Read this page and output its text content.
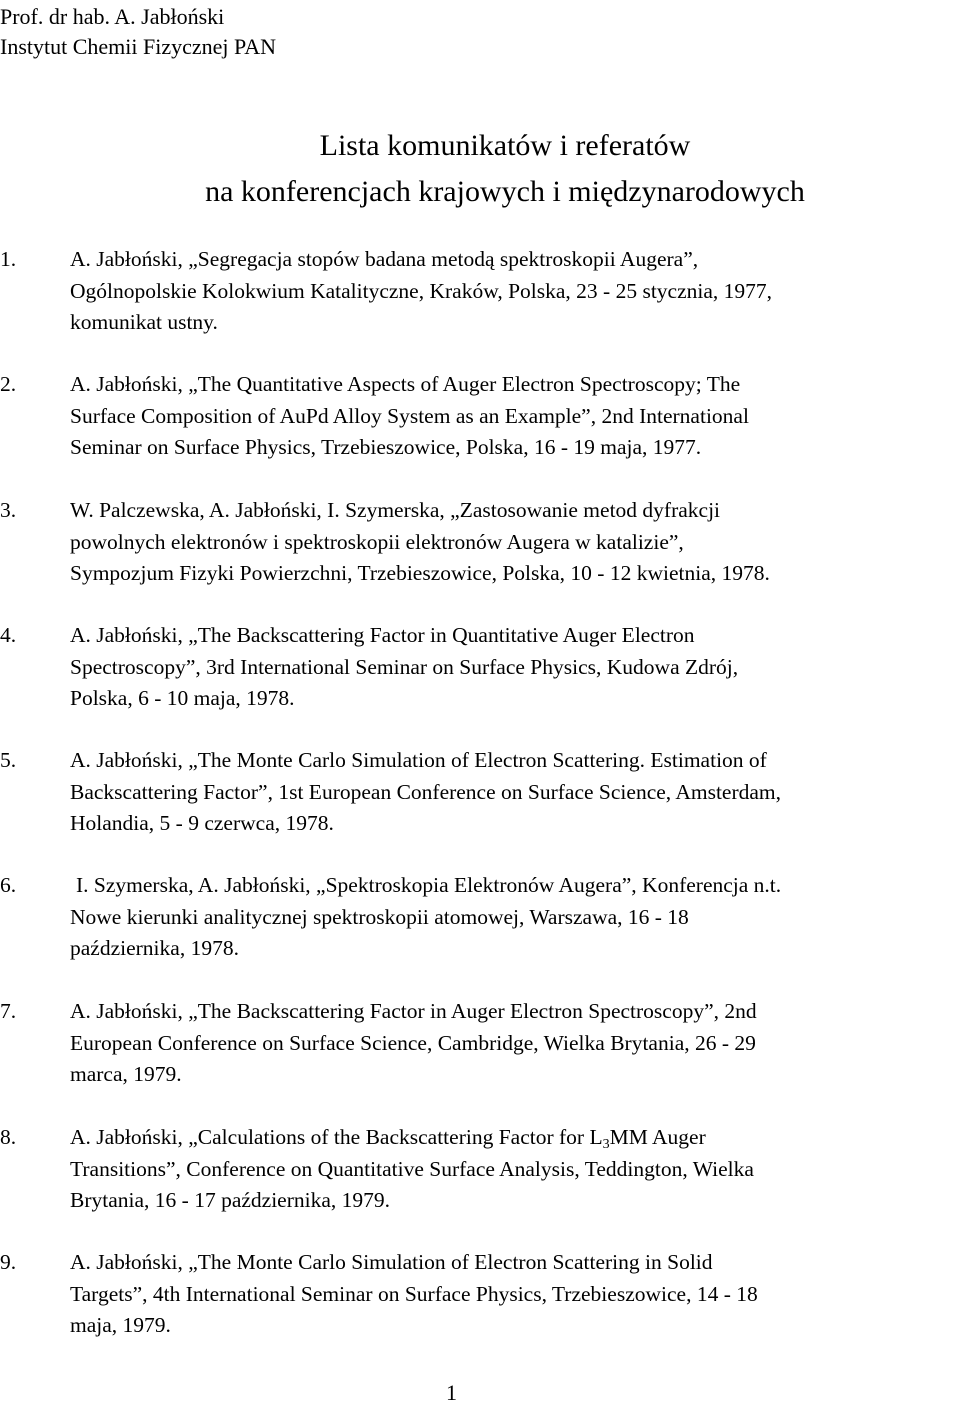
Prof. dr hab. A. Jabłoński
Instytut Chemii Fizycznej PAN
Lista komunikatów i referatów
na konferencjach krajowych i międzynarodowych
1.	A. Jabłoński, „Segregacja stopów badana metodą spektroskopii Augera”,
Ogólnopolskie Kolokwium Katalityczne, Kraków, Polska, 23 - 25 stycznia, 1977,
komunikat ustny.
2.	A. Jabłoński, „The Quantitative Aspects of Auger Electron Spectroscopy; The
Surface Composition of AuPd Alloy System as an Example”, 2nd International
Seminar on Surface Physics, Trzebieszowice, Polska, 16 - 19 maja, 1977.
3.	W. Palczewska, A. Jabłoński, I. Szymerska, „Zastosowanie metod dyfrakcji
powolnych elektronów i spektroskopii elektronów Augera w katalizie”,
Sympozjum Fizyki Powierzchni, Trzebieszowice, Polska, 10 - 12 kwietnia, 1978.
4.	A. Jabłoński, „The Backscattering Factor in Quantitative Auger Electron
Spectroscopy”, 3rd International Seminar on Surface Physics, Kudowa Zdrój,
Polska, 6 - 10 maja, 1978.
5.	A. Jabłoński, „The Monte Carlo Simulation of Electron Scattering. Estimation of
Backscattering Factor”, 1st European Conference on Surface Science, Amsterdam,
Holandia, 5 - 9 czerwca, 1978.
6.	I. Szymerska, A. Jabłoński, „Spektroskopia Elektronów Augera”, Konferencja n.t.
Nowe kierunki analitycznej spektroskopii atomowej, Warszawa, 16 - 18
października, 1978.
7.	A. Jabłoński, „The Backscattering Factor in Auger Electron Spectroscopy”, 2nd
European Conference on Surface Science, Cambridge, Wielka Brytania, 26 - 29
marca, 1979.
8.	A. Jabłoński, „Calculations of the Backscattering Factor for $L_3MM$ Auger
Transitions”, Conference on Quantitative Surface Analysis, Teddington, Wielka
Brytania, 16 - 17 października, 1979.
9.	A. Jabłoński, „The Monte Carlo Simulation of Electron Scattering in Solid
Targets”, 4th International Seminar on Surface Physics, Trzebieszowice, 14 - 18
maja, 1979.
1
